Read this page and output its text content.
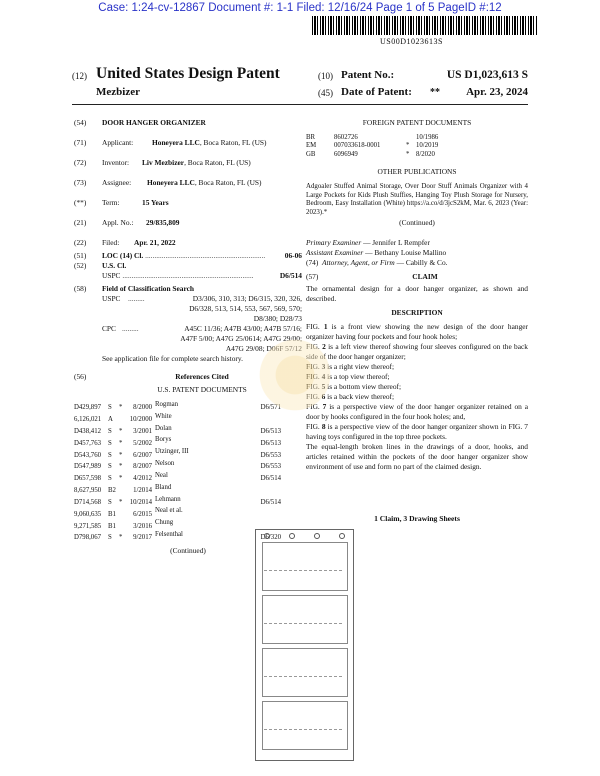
Case: 1:24-cv-12867 Document #: 1-1 Filed: 12/16/24 Page 1 of 5 PageID #:12
US00D1023613S
(12) United States Design Patent	(10) Patent No.:	US D1,023,613 S
Mezbizer	(45) Date of Patent: **	Apr. 23, 2024
(54)	DOOR HANGER ORGANIZER
(71)	Applicant:	Honeyera LLC, Boca Raton, FL (US)
(72)	Inventor:	Liv Mezbizer, Boca Raton, FL (US)
(73)	Assignee:	Honeyera LLC, Boca Raton, FL (US)
(**)	Term:	15 Years
(21)	Appl. No.:	29/835,809
(22)	Filed:	Apr. 21, 2022
(51)	LOC (14) Cl. .................................................................	06-06
(52)	U.S. Cl.
USPC .......................................................................	D6/514
(58)	Field of Classification Search
USPC	.........	D3/306, 310, 313; D6/315, 320, 326,
D6/328, 513, 514, 553, 567, 569, 570;
D8/380; D28/73
CPC .........	A45C 11/36; A47B 43/00; A47B 57/16;
A47F 5/00; A47G 25/0614; A47G 29/00;
A47G 29/08; D06F 57/12
See application file for complete search history.
(56)	References Cited
U.S. PATENT DOCUMENTS
D429,897 S * 8/2000 Rogman	D6/571
6,126,021 A 10/2000 White
D438,412 S * 3/2001 Dolan	D6/513
D457,763 S * 5/2002 Borys	D6/513
D543,760 S * 6/2007 Utzinger, III	D6/553
D547,989 S * 8/2007 Nelson	D6/553
D657,598 S * 4/2012 Neal	D6/514
8,627,950 B2	1/2014 Bland
D714,568 S * 10/2014 Lehmann	D6/514
9,060,635 B1	6/2015 Neal et al.
9,271,585 B1	3/2016 Chung
D798,067 S * 9/2017 Felsenthal	D6/320
(Continued)
FOREIGN PATENT DOCUMENTS
BR	8602726	10/1986
EM	007033618-0001	* 10/2019
GB	6096949	* 8/2020
OTHER PUBLICATIONS

Adgoaler Stuffed Animal Storage, Over Door Stuff Animals Organizer with 4 Large Pockets for Kids Plush Stuffies, Hanging Toy Plush Storage for Nursery, Bedroom, Easy Installation (White) https://a.co/d/3jcS2kM, Mar. 6, 2023 (Year: 2023).*

(Continued)
Primary Examiner — Jennifer L Rempfer
Assistant Examiner — Bethany Louise Mallino
(74) Attorney, Agent, or Firm — Cabilly & Co.
(57)	CLAIM

The ornamental design for a door hanger organizer, as shown and described.

DESCRIPTION

FIG. 1 is a front view showing the new design of the door hanger organizer having four pockets and four hook holes;

FIG. 2 is a left view thereof showing four sleeves configured on the back side of the door hanger organizer;

FIG. 3 is a right view thereof;

FIG. 4 is a top view thereof;

FIG. 5 is a bottom view thereof;

FIG. 6 is a back view thereof;

FIG. 7 is a perspective view of the door hanger organizer retained on a door by hooks configured in the four hook holes; and,

FIG. 8 is a perspective view of the door hanger organizer shown in FIG. 7 having toys configured in the top three pockets.

The equal-length broken lines in the drawings of a door, hooks, and articles retained within the pockets of the door hanger organizer show environment of use and form no part of the claimed design.

1 Claim, 3 Drawing Sheets
